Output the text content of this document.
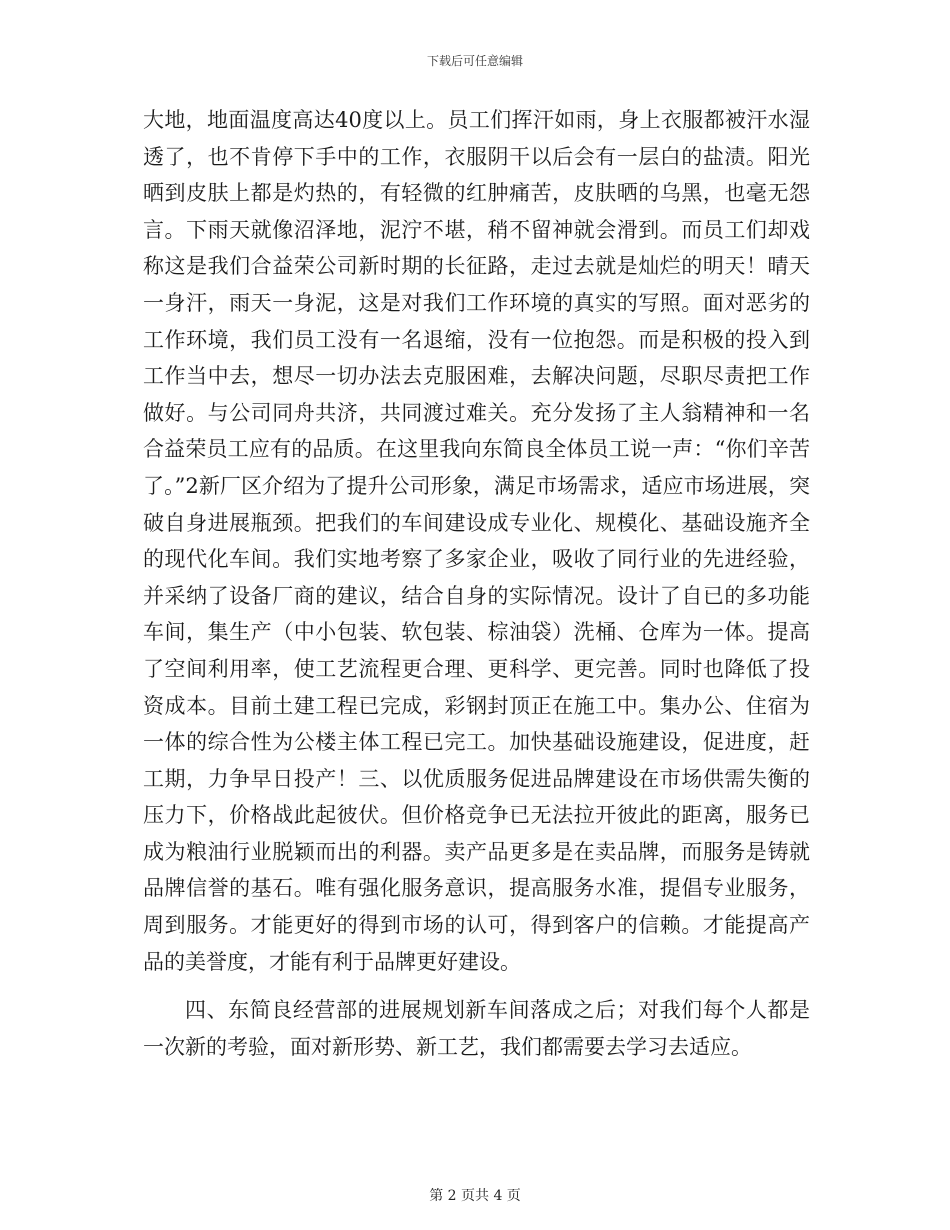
下载后可任意编辑

大地，地面温度高达40度以上。员工们挥汗如雨，身上衣服都被汗水湿透了，也不肯停下手中的工作，衣服阴干以后会有一层白的盐渍。阳光晒到皮肤上都是灼热的，有轻微的红肿痛苦，皮肤晒的乌黑，也毫无怨言。下雨天就像沼泽地，泥泞不堪，稍不留神就会滑到。而员工们却戏称这是我们合益荣公司新时期的长征路，走过去就是灿烂的明天！晴天一身汗，雨天一身泥，这是对我们工作环境的真实的写照。面对恶劣的工作环境，我们员工没有一名退缩，没有一位抱怨。而是积极的投入到工作当中去，想尽一切办法去克服困难，去解决问题，尽职尽责把工作做好。与公司同舟共济，共同渡过难关。充分发扬了主人翁精神和一名合益荣员工应有的品质。在这里我向东简良全体员工说一声：“你们辛苦了。”2新厂区介绍为了提升公司形象，满足市场需求，适应市场进展，突破自身进展瓶颈。把我们的车间建设成专业化、规模化、基础设施齐全的现代化车间。我们实地考察了多家企业，吸收了同行业的先进经验，并采纳了设备厂商的建议，结合自身的实际情况。设计了自已的多功能车间，集生产（中小包装、软包装、棕油袋）洗桶、仓库为一体。提高了空间利用率，使工艺流程更合理、更科学、更完善。同时也降低了投资成本。目前土建工程已完成，彩钢封顶正在施工中。集办公、住宿为一体的综合性为公楼主体工程已完工。加快基础设施建设，促进度，赶工期，力争早日投产！三、以优质服务促进品牌建设在市场供需失衡的压力下，价格战此起彼伏。但价格竞争已无法拉开彼此的距离，服务已成为粮油行业脱颖而出的利器。卖产品更多是在卖品牌，而服务是铸就品牌信誉的基石。唯有强化服务意识，提高服务水准，提倡专业服务，周到服务。才能更好的得到市场的认可，得到客户的信赖。才能提高产品的美誉度，才能有利于品牌更好建设。

四、东简良经营部的进展规划新车间落成之后；对我们每个人都是一次新的考验，面对新形势、新工艺，我们都需要去学习去适应。

第 2 页共 4 页
